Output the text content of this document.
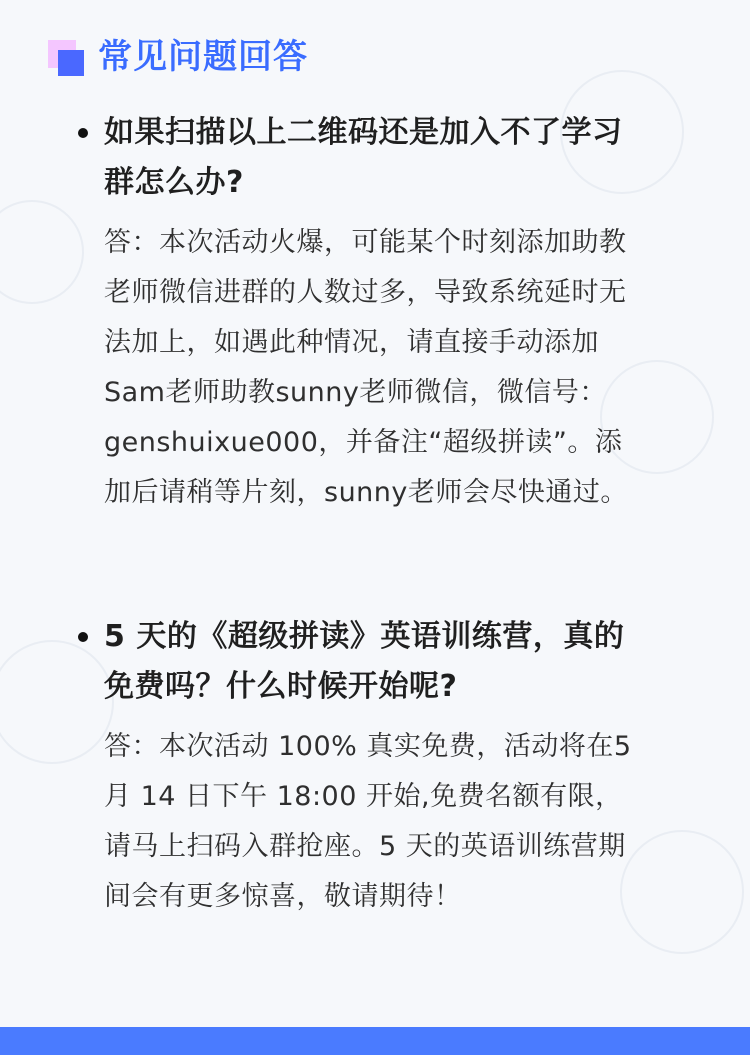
常见问题回答
如果扫描以上二维码还是加入不了学习群怎么办?
答：本次活动火爆，可能某个时刻添加助教老师微信进群的人数过多，导致系统延时无法加上，如遇此种情况，请直接手动添加Sam老师助教sunny老师微信，微信号：genshuixue000，并备注“超级拼读”。添加后请稍等片刻，sunny老师会尽快通过。
5 天的《超级拼读》英语训练营，真的免费吗？什么时候开始呢?
答：本次活动 100% 真实免费，活动将在5月 14 日下午 18:00 开始,免费名额有限，请马上扫码入群抢座。5 天的英语训练营期间会有更多惊喜，敬请期待！
